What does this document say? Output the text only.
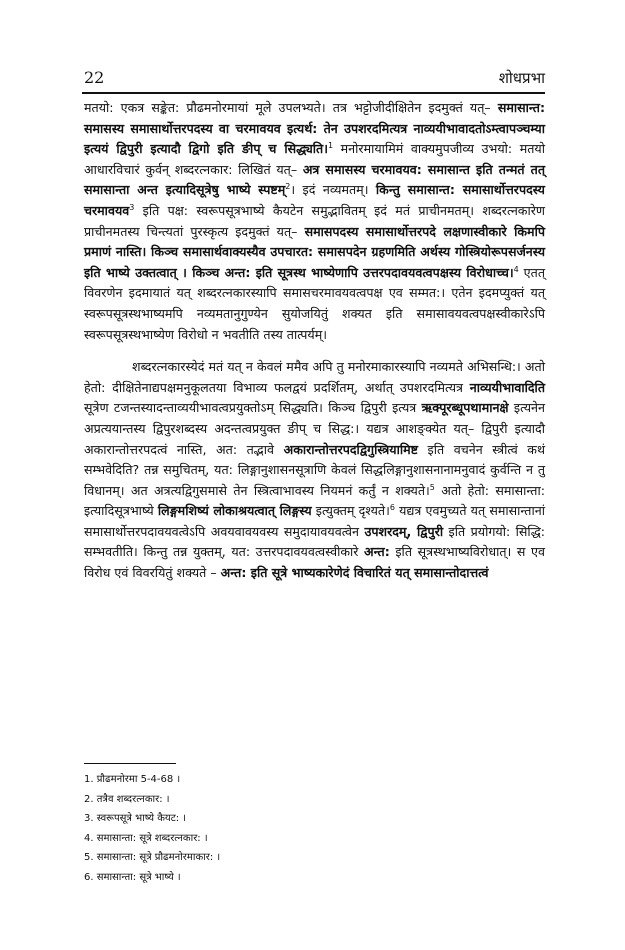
22	शोधप्रभा

मतयो: एकत्र सङ्केत: प्रौढमनोरमायां मूले उपलभ्यते। तत्र भट्टोजीदीक्षितेन इदमुक्तं यत्– समासान्त: समासस्य समासार्थोत्तरपदस्य वा चरमावयव इत्यर्थ: तेन उपशरदमित्यत्र नाव्ययीभावादतोऽम्त्वापञ्चम्या इत्ययं द्विपुरी इत्यादौ द्विगो इति ङीप् च सिद्ध्यति।$^1$ मनोरमायामिमं वाक्यमुपजीव्य उभयो: मतयो आधारविचारं कुर्वन् शब्दरत्नकार: लिखितं यत्– अत्र समासस्य चरमावयव: समासान्त इति तन्मतं तत् समासान्ता अन्त इत्यादिसूत्रेषु भाष्ये स्पष्टम्$^2$। इदं नव्यमतम्। किन्तु समासान्त: समासार्थोत्तरपदस्य चरमावयव$^3$ इति पक्ष: स्वरूपसूत्रभाष्ये कैयटेन समुद्भावितम् इदं मतं प्राचीनमतम्। शब्दरत्नकारेण प्राचीनमतस्य चिन्त्यतां पुरस्कृत्य इदमुक्तं यत्– समासपदस्य समासार्थोत्तरपदे लक्षणास्वीकारे किमपि प्रमाणं नास्ति। किञ्च समासार्थवाक्यस्यैव उपचारत: समासपदेन ग्रहणमिति अर्थस्य गोस्त्रियोरूपसर्जनस्य इति भाष्ये उक्तत्वात् । किञ्च अन्त: इति सूत्रस्थ भाष्येणापि उत्तरपदावयवत्वपक्षस्य विरोधाच्च।$^4$ एतत् विवरणेन इदमायातं यत् शब्दरत्नकारस्यापि समासचरमावयवत्वपक्ष एव सम्मत:। एतेन इदमप्युक्तं यत् स्वरूपसूत्रस्थभाष्यमपि नव्यमतानुगुण्येन सुयोजयितुं शक्यत इति समासावयवत्वपक्षस्वीकारेऽपि स्वरूपसूत्रस्थभाष्येण विरोधो न भवतीति तस्य तात्पर्यम्।

शब्दरत्नकारस्येदं मतं यत् न केवलं ममैव अपि तु मनोरमाकारस्यापि नव्यमते अभिसन्धि:। अतो हेतो: दीक्षितेनाद्यपक्षमनुकूलतया विभाव्य फलद्वयं प्रदर्शितम्, अर्थात् उपशरदमित्यत्र नाव्ययीभावादिति सूत्रेण टजन्तस्यादन्ताव्ययीभावत्वप्रयुक्तोऽम् सिद्ध्यति। किञ्च द्विपुरी इत्यत्र ऋक्पूरब्धूपथामानक्षे इत्यनेन अप्रत्ययान्तस्य द्विपुरशब्दस्य अदन्तत्वप्रयुक्त ङीप् च सिद्ध:। यद्यत्र आशङ्क्येत यत्– द्विपुरी इत्यादौ अकारान्तोत्तरपदत्वं नास्ति, अत: तद्भावे अकारान्तोत्तरपदद्विगुस्त्रियामिष्ट इति वचनेन स्त्रीत्वं कथं सम्भवेदिति? तन्न समुचितम्, यत: लिङ्गानुशासनसूत्राणि केवलं सिद्धलिङ्गानुशासनानामनुवादं कुर्वन्ति न तु विधानम्। अत अत्रत्यद्विगुसमासे तेन स्त्रित्वाभावस्य नियमनं कर्तुं न शक्यते।$^5$ अतो हेतो: समासान्ता: इत्यादिसूत्रभाष्ये लिङ्गमशिष्यं लोकाश्रयत्वात् लिङ्गस्य इत्युक्तम् दृश्यते।$^6$ यद्यत्र एवमुच्यते यत् समासान्तानां समासार्थोत्तरपदावयवत्वेऽपि अवयवावयवस्य समुदायावयवत्वेन उपशरदम्, द्विपुरी इति प्रयोगयो: सिद्धि: सम्भवतीति। किन्तु तन्न युक्तम्, यत: उत्तरपदावयवत्वस्वीकारे अन्त: इति सूत्रस्थभाष्यविरोधात्। स एव विरोध एवं विवरयितुं शक्यते – अन्त: इति सूत्रे भाष्यकारेणेदं विचारितं यत् समासान्तोदात्तत्वं

1. प्रौढमनोरमा 5-4-68 ।
2. तत्रैव शब्दरत्नकार: ।
3. स्वरूपसूत्रे भाष्ये कैयट: ।
4. समासान्ता: सूत्रे शब्दरत्नकार: ।
5. समासान्ता: सूत्रे प्रौढमनोरमाकार: ।
6. समासान्ता: सूत्रे भाष्ये ।
